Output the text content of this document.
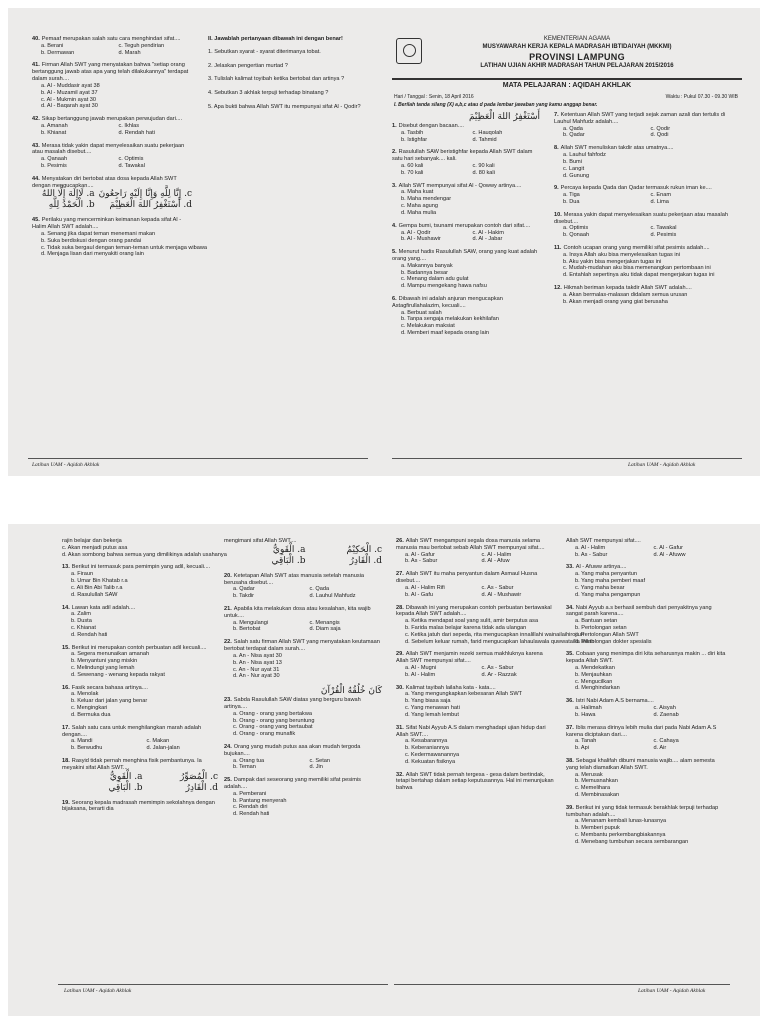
40. Pemaaf merupakan salah satu cara menghindari sifat....
a. Berani	c. Teguh pendirian
b. Dermawan	d. Marah
41. Firman Allah SWT yang menyatakan bahwa "setiap orang bertanggung jawab atas apa yang telah dilakukannya" terdapat dalam surah....
a. Al - Muddasir ayat 38
b. Al - Muzamil ayat 37
c. Al - Mukmin ayat 30
d. Al - Baqarah ayat 30
42. Sikap bertanggung jawab merupakan perwujudan dari....
a. Amanah	c. Ikhlas
b. Khianat	d. Rendah hati
43. Merasa tidak yakin dapat menyelesaikan suatu pekerjaan atau masalah disebut....
a. Qanaah	c. Optimis
b. Pesimis	d. Tawakal
44. Menyatakan diri bertobat atas dosa kepada Allah SWT dengan mengucapkan....
a. لَاإِلَهَ إِلَّا اللهُ c. إِنَّا لِلَّهِ وَإِنَّا إِلَيْهِ رَاجِعُونَ
b. الْحَمْدُ لِلَّهِ	d. أَسْتَغْفِرُ اللهَ الْعَظِيْمَ
45. Perilaku yang mencerminkan keimanan kepada sifat Al - Halim Allah SWT adalah....
a. Senang jika dapat teman menemani makan
b. Suka berdiskusi dengan orang pandai
c. Tidak suka bergaul dengan teman-teman untuk menjaga wibawa
d. Menjaga lisan dari menyakiti orang lain
II. Jawablah pertanyaan dibawah ini dengan benar!
1. Sebutkan syarat - syarat diterimanya tobat.
2. Jelaskan pengertian murtad ?
3. Tulislah kalimat toyibah ketika bertobat dan artinya ?
4. Sebutkan 3 akhlak terpuji terhadap binatang ?
5. Apa bukti bahwa Allah SWT itu mempunyai sifat Al - Qodir?
KEMENTERIAN AGAMA
MUSYAWARAH KERJA KEPALA MADRASAH IBTIDAIYAH (MKKMI)
PROVINSI LAMPUNG
LATIHAN UJIAN AKHIR MADRASAH TAHUN PELAJARAN 2015/2016
MATA PELAJARAN : AQIDAH AKHLAK
Hari / Tanggal : Senin, 18 April 2016	Waktu : Pukul 07.30 - 09.30 WIB
I. Berilah tanda silang (X) a,b,c atau d pada lembar jawaban yang kamu anggap benar.
أَسْتَغْفِرُ اللهَ الْعَظِيْمَ
1. Disebut dengan bacaan....
a. Tasbih	c. Hauqolah
b. Istighfar	d. Tahmid
2. Rasulullah SAW beristighfar kepada Allah SWT dalam satu hari sebanyak.... kali.
a. 60 kali	c. 90 kali
b. 70 kali	d. 80 kali
3. Allah SWT mempunyai sifat Al - Qowwy artinya....
a. Maha kuat
b. Maha mendengar
c. Maha agung
d. Maha mulia
4. Gempa bumi, tsunami merupakan contoh dari sifat....
a. Al - Qodir	c. Al - Hakim
b. Al - Mushawir	d. Al - Jabar
5. Menurut hadis Rasulullah SAW, orang yang kuat adalah orang yang....
a. Makannya banyak
b. Badannya besar
c. Menang dalam adu gulat
d. Mampu mengekang hawa nafsu
6. Dibawah ini adalah anjuran mengucapkan Astagfirullahalazim, kecuali....
a. Berbuat salah
b. Tanpa sengaja melakukan kekhilafan
c. Melakukan maksiat
d. Memberi maaf kepada orang lain
7. Ketentuan Allah SWT yang terjadi sejak zaman azali dan tertulis di Lauhul Mahfudz adalah....
a. Qada	c. Qodir
b. Qadar	d. Qodi
8. Allah SWT menuliskan takdir atas umatnya....
a. Lauhul fahfodz
b. Bumi
c. Langit
d. Gunung
9. Percaya kepada Qada dan Qadar termasuk rukun iman ke....
a. Tiga	c. Enam
b. Dua	d. Lima
10. Merasa yakin dapat menyelesaikan suatu pekerjaan atau masalah disebut....
a. Optimis	c. Tawakal
b. Qonaah	d. Pesimis
11. Contoh ucapan orang yang memiliki sifat pesimis adalah....
a. Insya Allah aku bisa menyelesaikan tugas ini
b. Aku yakin bisa mengerjakan tugas ini
c. Mudah-mudahan aku bisa memenangkan pertombaan ini
d. Entahlah sepertinya aku tidak dapat mengerjakan tugas ini
12. Hikmah beriman kepada takdir Allah SWT adalah....
a. Akan bermalas-malasan didalam semua urusan
b. Akan menjadi orang yang giat berusaha
Latihan UAM - Aqidah Akhlak	Latihan UAM - Aqidah Akhlak
rajin belajar dan bekerja
c. Akan menjadi putus asa
d. Akan sombong bahwa semua yang dimilikinya adalah usahanya
13. Berikut ini termasuk para pemimpin yang adil, kecuali....
a. Firaun
b. Umar Bin Khatab r.a
c. Ali Bin Abi Talib r.a
d. Rasulullah SAW
14. Lawan kata adil adalah....
a. Zalim
b. Dusta
c. Khianat
d. Rendah hati
15. Berikut ini merupakan contoh perbuatan adil kecuali....
a. Segera menunaikan amanah
b. Menyantuni yang miskin
c. Melindungi yang lemah
d. Sewenang - wenang kepada rakyat
16. Fasik secara bahasa artinya....
a. Menolak
b. Keluar dari jalan yang benar
c. Mengingkari
d. Bermuka dua
17. Salah satu cara untuk menghilangkan marah adalah dengan....
a. Mandi	c. Makan
b. Berwudhu	d. Jalan-jalan
18. Rasyid tidak pernah menghina fisik pembantunya. Ia meyakini sifat Allah SWT....
a. الْقَوِيُّ	c. الْمُصَوِّرُ
b. الْبَاقِي	d. الْقَادِرُ
19. Seorang kepala madrasah memimpin sekolahnya dengan bijaksana, berarti dia
mengimani sifat Allah SWT....
a. الْقَوِيُّ	c. الْحَكِيْمُ
b. الْبَاقِي	d. الْقَادِرُ
20. Ketetapan Allah SWT atas manusia setelah manusia berusaha disebut....
a. Qadar	c. Qada
b. Takdir	d. Lauhul Mahfudz
21. Apabila kita melakukan dosa atau kesalahan, kita wajib untuk....
a. Mengulangi	c. Menangis
b. Bertobat	d. Diam saja
22. Salah satu firman Allah SWT yang menyatakan keutamaan bertobat terdapat dalam surah....
a. An - Nisa ayat 30
b. An - Nisa ayat 13
c. An - Nur ayat 31
d. An - Nur ayat 30
كَانَ خُلُقُهُ الْقُرْآنَ
23. Sabda Rasulullah SAW diatas yang berguru bawah artinya....
a. Orang - orang yang bertakwa
b. Orang - orang yang beruntung
c. Orang - orang yang bertaubat
d. Orang - orang munafik
24. Orang yang mudah putus asa akan mudah tergoda bujukan....
a. Orang tua	c. Setan
b. Teman	d. Jin
25. Dampak dari seseorang yang memiliki sifat pesimis adalah....
a. Pemberani
b. Pantang menyerah
c. Rendah diri
d. Rendah hati
26. Allah SWT mengampuni segala dosa manusia selama manusia mau bertobat sebab Allah SWT mempunyai sifat....
a. Al - Gafur	c. Al - Halim
b. As - Sabur	d. Al - Afuw
27. Allah SWT itu maha penyantun dalam Asmaul Husna disebut....
a. Al - Halim Rifi	c. As - Sabur
b. Al - Gafu	d. Al - Mushawir
28. Dibawah ini yang merupakan contoh perbuatan bertawakal kepada Allah SWT adalah....
a. Ketika mendapat soal yang sulit, amir berputus asa
b. Farida malas belajar karena tidak ada ulangan
c. Ketika jatuh dari sepeda, rita mengucapkan innalillahi wainailaihirojiun
d. Sebelum keluar rumah, farid mengucapkan lahaulawala quwwatailla billah
29. Allah SWT menjamin rezeki semua makhluknya karena Allah SWT mempunyai sifat....
a. Al - Mugni	c. As - Sabur
b. Al - Halim	d. Ar - Razzak
30. Kalimat tayibah lailaha kata - kata....
a. Yang mengungkapkan kebesaran Allah SWT
b. Yang biasa saja
c. Yang menawan hati
d. Yang lemah lembut
31. Sifat Nabi Ayyub A.S dalam menghadapi ujian hidup dari Allah SWT....
a. Kesabarannya
b. Keberaniannya
c. Kedermawanannya
d. Kekuatan fisiknya
32. Allah SWT tidak pernah tergesa - gesa dalam bertindak, tetapi bertahap dalam setiap keputusannya. Hal ini menunjukan bahwa
Allah SWT mempunyai sifat....
a. Al - Halim	c. Al - Gafur
b. As - Sabur	d. Al - Afuww
33. Al - Afuww artinya....
a. Yang maha penyantun
b. Yang maha pemberi maaf
c. Yang maha besar
d. Yang maha pengampun
34. Nabi Ayyub a.s berhasil sembuh dari penyakitnya yang sangat parah karena....
a. Bantuan setan
b. Pertolongan setan
c. Pertolongan Allah SWT
d. Pertolongan dokter spesialis
35. Cobaan yang menimpa diri kita seharusnya makin ... diri kita kepada Allah SWT.
a. Mendekatkan
b. Menjauhkan
c. Mengucilkan
d. Menghindarkan
36. Istri Nabi Adam A.S bernama....
a. Halimah	c. Aisyah
b. Hawa	d. Zaenab
37. Iblis merasa dirinya lebih mulia dari pada Nabi Adam A.S karena diciptakan dari....
a. Tanah	c. Cahaya
b. Api	d. Air
38. Sebagai khalifah dibumi manusia wajib.... alam semesta yang telah diamatkan Allah SWT.
a. Merusak
b. Memusnahkan
c. Memelihara
d. Membinasakan
39. Berikut ini yang tidak termasuk berakhlak terpuji terhadap tumbuhan adalah....
a. Menanam kembali lunas-lunasnya
b. Memberi pupuk
c. Membantu perkembangbiakannya
d. Menebang tumbuhan secara sembarangan
Latihan UAM - Aqidah Akhlak	Latihan UAM - Aqidah Akhlak
